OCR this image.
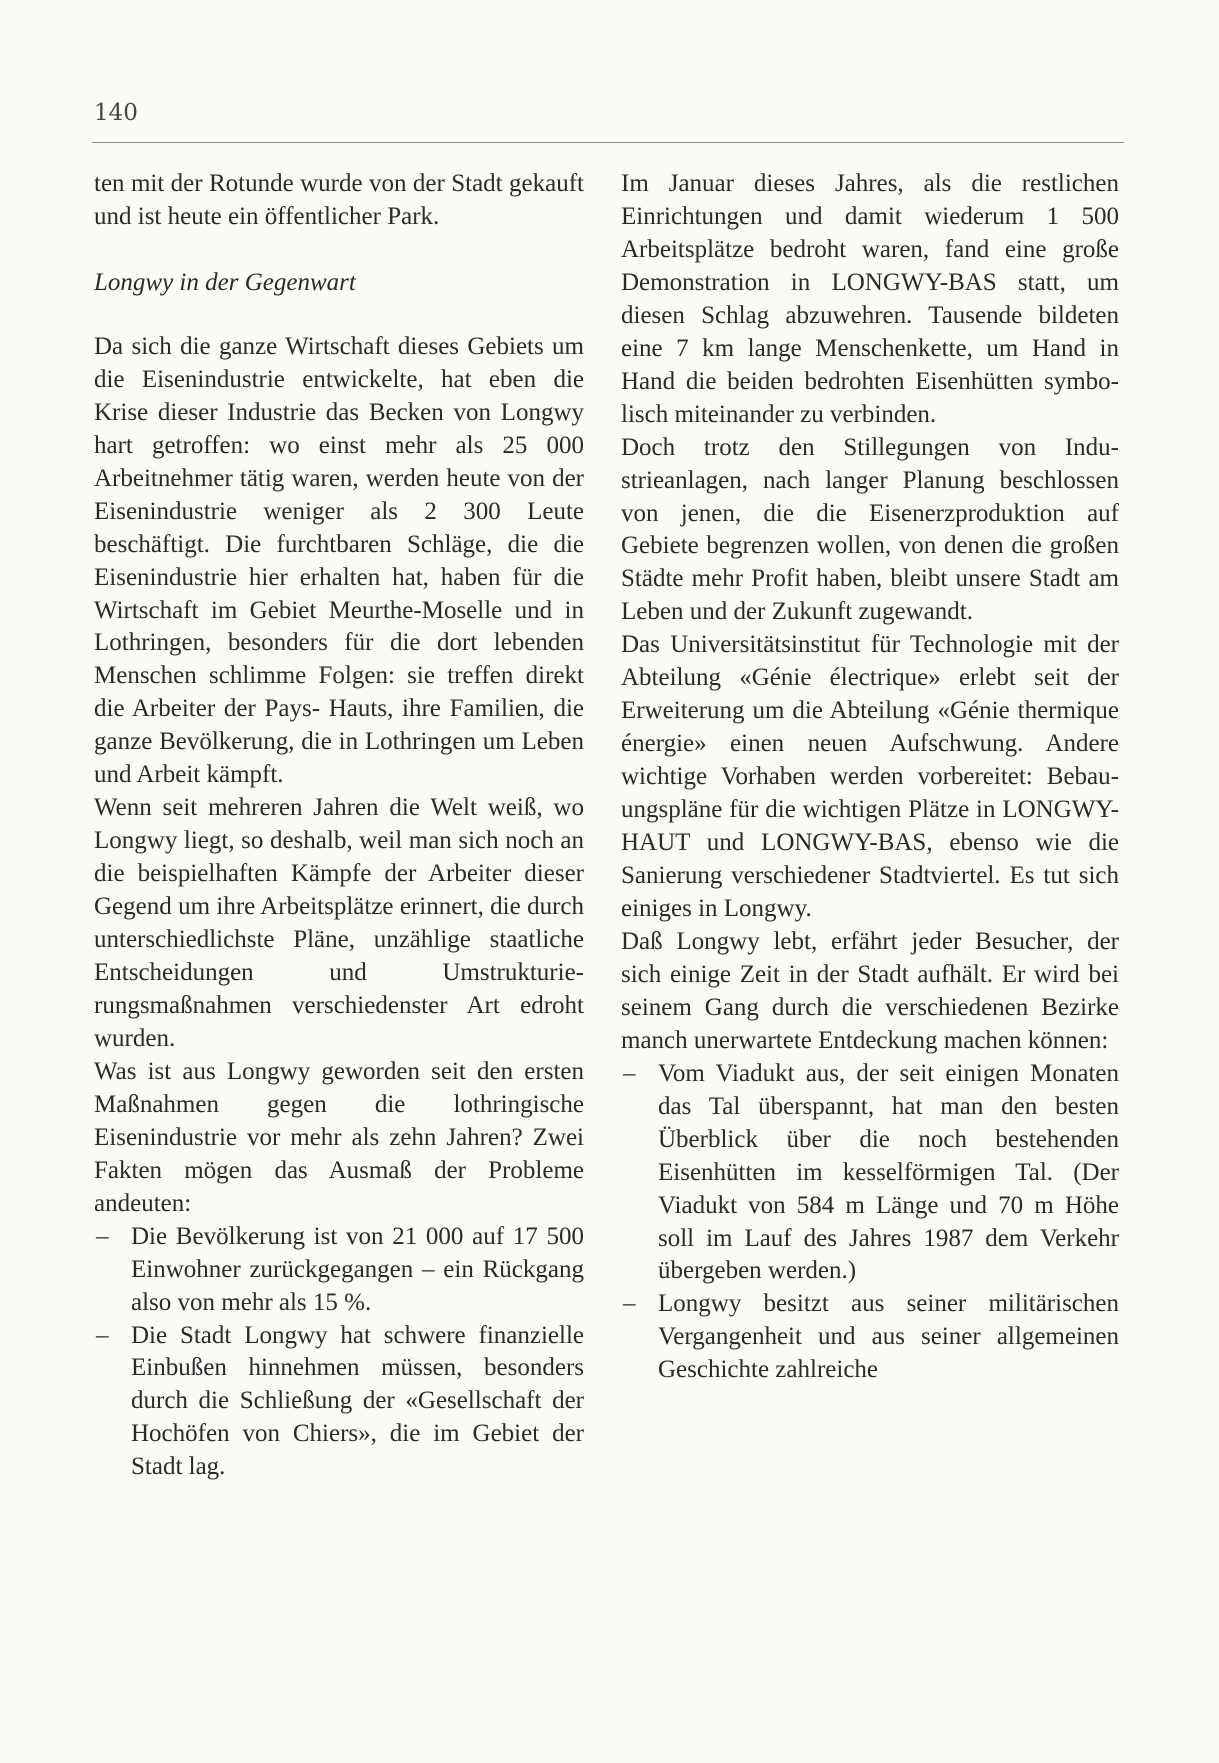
140

ten mit der Rotunde wurde von der Stadt gekauft und ist heute ein öffentlicher Park.

Longwy in der Gegenwart

Da sich die ganze Wirtschaft dieses Gebiets um die Eisenindustrie entwickelte, hat eben die Krise dieser Industrie das Becken von Longwy hart getroffen: wo einst mehr als 25 000 Arbeitnehmer tätig waren, werden heute von der Eisenindustrie weniger als 2 300 Leute beschäftigt. Die furchtbaren Schläge, die die Eisenindustrie hier erhalten hat, haben für die Wirtschaft im Gebiet Meurthe-Moselle und in Lothringen, besonders für die dort lebenden Menschen schlimme Folgen: sie treffen direkt die Arbeiter der Pays- Hauts, ihre Familien, die ganze Bevölkerung, die in Lothringen um Leben und Arbeit kämpft.

Wenn seit mehreren Jahren die Welt weiß, wo Longwy liegt, so deshalb, weil man sich noch an die beispielhaften Kämpfe der Arbeiter dieser Gegend um ihre Arbeitsplätze erinnert, die durch unterschiedlichste Pläne, unzählige staatliche Entscheidungen und Umstrukturierungsmaßnahmen verschiedenster Art edroht wurden.

Was ist aus Longwy geworden seit den ersten Maßnahmen gegen die lothringische Eisenindustrie vor mehr als zehn Jahren? Zwei Fakten mögen das Ausmaß der Probleme andeuten:

– Die Bevölkerung ist von 21 000 auf 17 500 Einwohner zurückgegangen – ein Rückgang also von mehr als 15 %.
– Die Stadt Longwy hat schwere finanzielle Einbußen hinnehmen müssen, besonders durch die Schließung der «Gesellschaft der Hochöfen von Chiers», die im Gebiet der Stadt lag.

Im Januar dieses Jahres, als die restlichen Einrichtungen und damit wiederum 1 500 Arbeitsplätze bedroht waren, fand eine große Demonstration in LONGWY-BAS statt, um diesen Schlag abzuwehren. Tausende bildeten eine 7 km lange Menschenkette, um Hand in Hand die beiden bedrohten Eisenhütten symbolisch miteinander zu verbinden.

Doch trotz den Stillegungen von Industrieanlagen, nach langer Planung beschlossen von jenen, die die Eisenerzproduktion auf Gebiete begrenzen wollen, von denen die großen Städte mehr Profit haben, bleibt unsere Stadt am Leben und der Zukunft zugewandt.

Das Universitätsinstitut für Technologie mit der Abteilung «Génie électrique» erlebt seit der Erweiterung um die Abteilung «Génie thermique énergie» einen neuen Aufschwung. Andere wichtige Vorhaben werden vorbereitet: Bebauungspläne für die wichtigen Plätze in LONGWY-HAUT und LONGWY-BAS, ebenso wie die Sanierung verschiedener Stadtviertel. Es tut sich einiges in Longwy.

Daß Longwy lebt, erfährt jeder Besucher, der sich einige Zeit in der Stadt aufhält. Er wird bei seinem Gang durch die verschiedenen Bezirke manch unerwartete Entdeckung machen können:

– Vom Viadukt aus, der seit einigen Monaten das Tal überspannt, hat man den besten Überblick über die noch bestehenden Eisenhütten im kesselförmigen Tal. (Der Viadukt von 584 m Länge und 70 m Höhe soll im Lauf des Jahres 1987 dem Verkehr übergeben werden.)
– Longwy besitzt aus seiner militärischen Vergangenheit und aus seiner allgemeinen Geschichte zahlreiche
